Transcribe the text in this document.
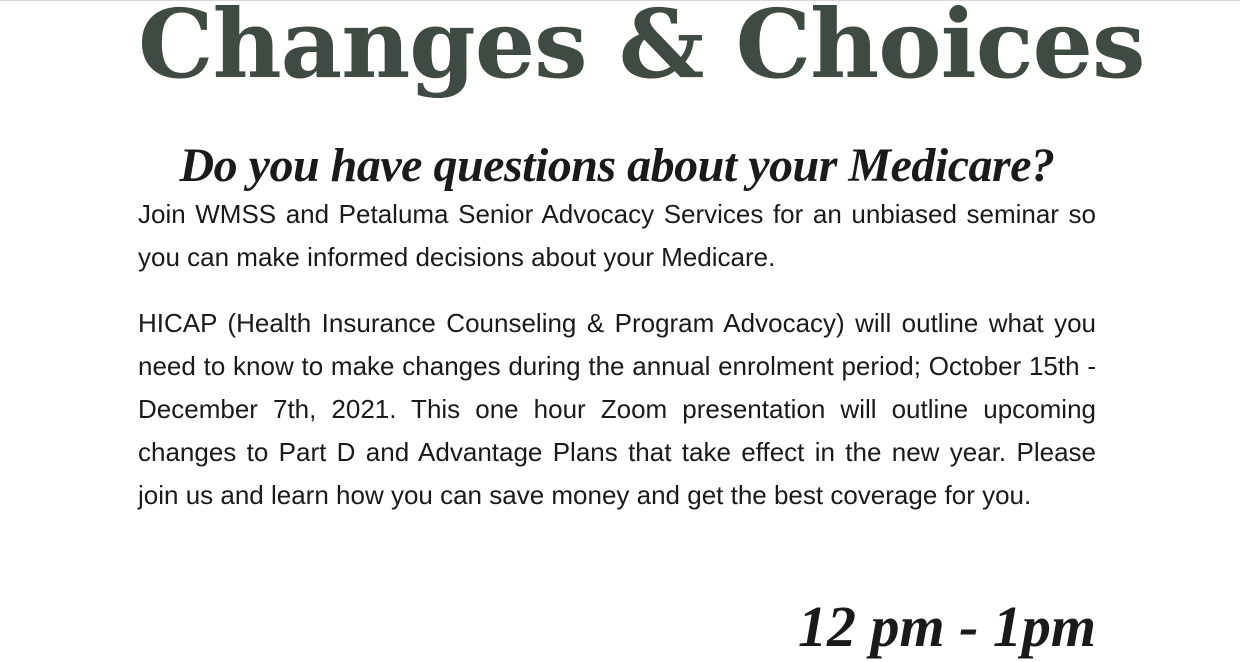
Changes & Choices
Do you have questions about your Medicare?

Join WMSS and Petaluma Senior Advocacy Services for an unbiased seminar so you can make informed decisions about your Medicare.

HICAP (Health Insurance Counseling & Program Advocacy) will outline what you need to know to make changes during the annual enrolment period; October 15th - December 7th, 2021. This one hour Zoom presentation will outline upcoming changes to Part D and Advantage Plans that take effect in the new year. Please join us and learn how you can save money and get the best coverage for you.

12 pm - 1pm
